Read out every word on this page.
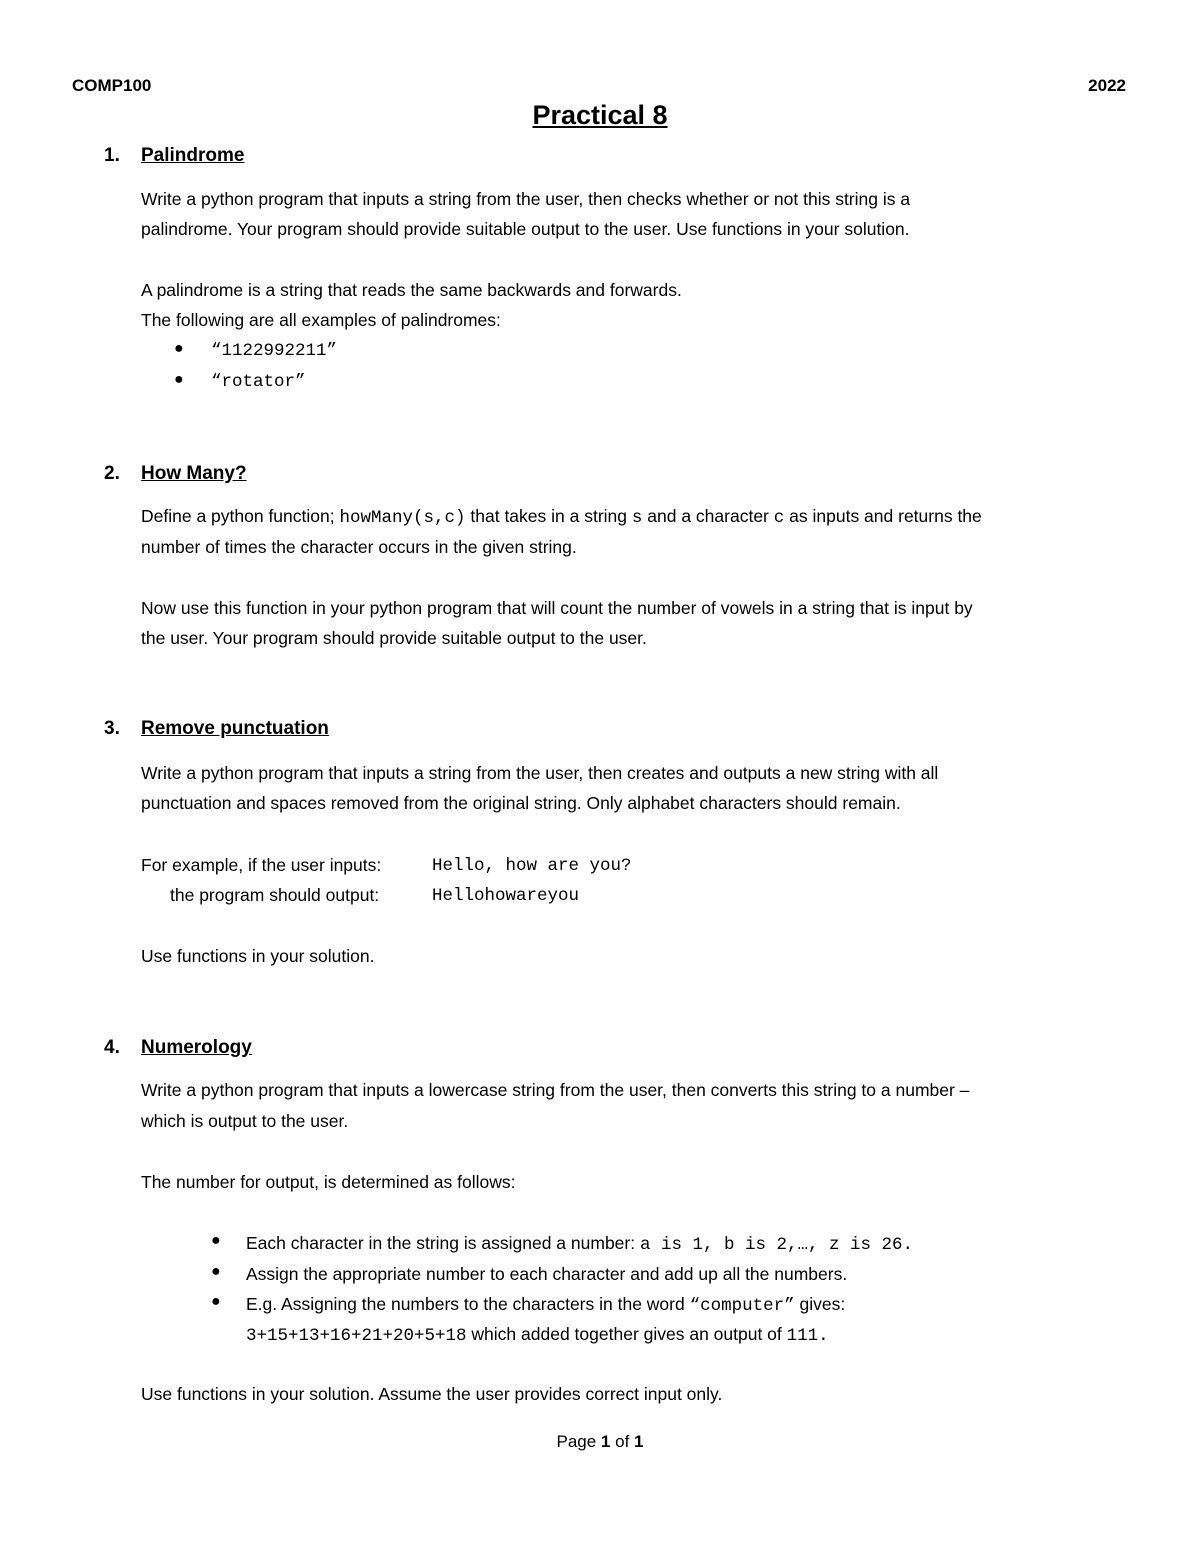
COMP100	2022
Practical 8
1. Palindrome
Write a python program that inputs a string from the user, then checks whether or not this string is a
palindrome. Your program should provide suitable output to the user. Use functions in your solution.
A palindrome is a string that reads the same backwards and forwards.
The following are all examples of palindromes:
● “1122992211”
● “rotator”
2. How Many?
Define a python function; howMany(s,c) that takes in a string s and a character c as inputs and returns the
number of times the character occurs in the given string.
Now use this function in your python program that will count the number of vowels in a string that is input by
the user. Your program should provide suitable output to the user.
3. Remove punctuation
Write a python program that inputs a string from the user, then creates and outputs a new string with all
punctuation and spaces removed from the original string. Only alphabet characters should remain.
For example, if the user inputs:	Hello, how are you?
the program should output:	Hellohowareyou
Use functions in your solution.
4. Numerology
Write a python program that inputs a lowercase string from the user, then converts this string to a number –
which is output to the user.
The number for output, is determined as follows:
● Each character in the string is assigned a number: a is 1, b is 2,…, z is 26.
● Assign the appropriate number to each character and add up all the numbers.
● E.g. Assigning the numbers to the characters in the word “computer” gives:
3+15+13+16+21+20+5+18 which added together gives an output of 111.
Use functions in your solution. Assume the user provides correct input only.
Page 1 of 1
